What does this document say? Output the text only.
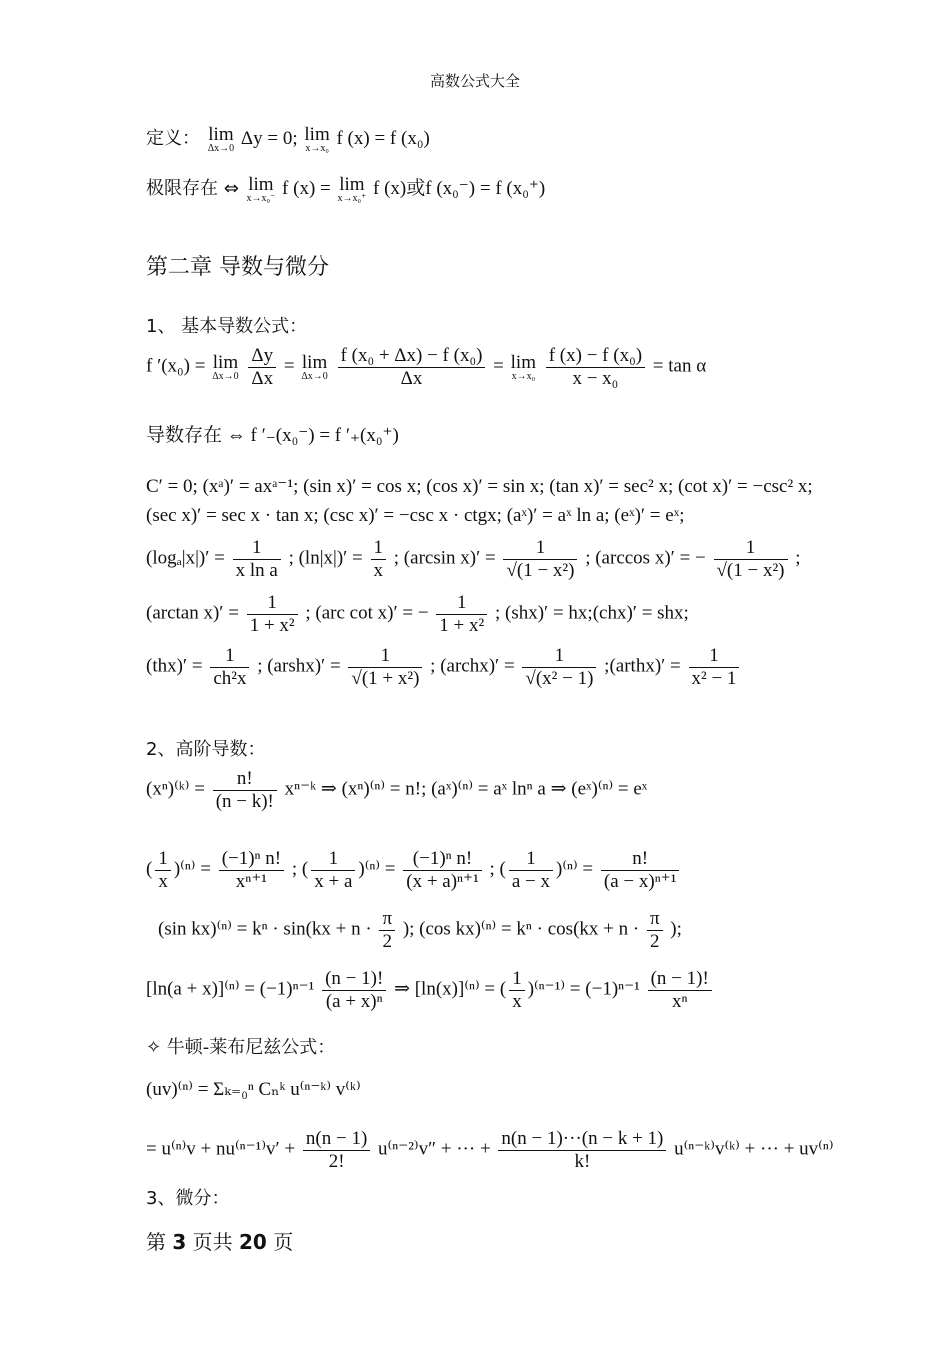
高数公式大全
定义： lim
Δx→0 Δy = 0; lim
x→x₀ f (x) = f (x₀)
极限存在 ⇔ lim
x→x₀⁻ f (x) = lim
x→x₀⁺ f (x)或f (x₀⁻) = f (x₀⁺)
第二章 导数与微分
1、 基本导数公式：
f ′(x₀) = lim
Δx→0
$\frac{\Delta y}{\Delta x} = \lim$
Δx→0
$\frac{\text{f (x₀ + Δx) − f (x₀)}}{\Delta x} = \lim$
x→x₀
$\frac{\text{f (x) − f (x₀)}}{\text{x − x₀}} = \tan \alpha$
导数存在 ⇔ f ′₋(x₀⁻) = f ′₊(x₀⁺)
C′ = 0; (xᵃ)′ = axᵃ⁻¹; (sin x)′ = cos x; (cos x)′ = sin x; (tan x)′ = sec² x; (cot x)′ = −csc² x;
(sec x)′ = sec x · tan x; (csc x)′ = −csc x · ctgx; (aˣ)′ = aˣ ln a; (eˣ)′ = eˣ;
$(\log_a|x|)' = \frac{1}{\text{x ln a}}$ ; $(\ln|x|)' = \frac{1}{x}$ ; (arcsin $x)' = \frac{1}{\text{√(1 − x²)}}$ ; (arccos x)′ = − $\frac{1}{\text{√(1 − x²)}}$ ;
(arctan $x)' = \frac{1}{\text{1 + x²}}$ ; (arc cot x)′ = − $\frac{1}{\text{1 + x²}}$ ; (shx)′ = hx;(chx)′ = shx;
$(thx)' = \frac{1}{\text{ch²x}}$ ; (arshx)′ = $\frac{1}{\text{√(1 + x²)}}$ ; (archx)′ = $\frac{1}{\text{√(x² − 1)}}$ ;(arthx)′ = $\frac{1}{\text{x² − 1}}$
2、高阶导数：
(xⁿ)⁽ᵏ⁾ = $\frac{n!}{(n - k)!}$ xⁿ⁻ᵏ ⇒ (xⁿ)⁽ⁿ⁾ = n!; (aˣ)⁽ⁿ⁾ = aˣ lnⁿ a ⇒ (eˣ)⁽ⁿ⁾ = eˣ
( $\frac{1}{x} )^{(n)} = \frac{\text{(−1)ⁿ n!}}{\text{xⁿ⁺¹}}$ ; ( $\frac{1}{x + a} )^{(n)} = \frac{\text{(−1)ⁿ n!}}{\text{(x + a)ⁿ⁺¹}}$ ; ( $\frac{1}{a - x} )^{(n)} = \frac{n!}{\text{(a − x)ⁿ⁺¹}}$
(sin $kx)^{(n)} = k^n \cdot \sin(kx + n \cdot \frac{\pi}{2}$ ); (cos $kx)^{(n)} = k^n \cdot \cos(kx + n \cdot \frac{\pi}{2}$ );
$[\ln(a + x)]^{(n)} = (-1)^{n-1} \frac{(n - 1)!}{\text{(a + x)ⁿ}}$ ⇒ [ln(x)]⁽ⁿ⁾ = ( $\frac{1}{x} )^{(n-1)} = (-1)^{n-1} \frac{(n - 1)!}{\text{xⁿ}}$
✧ 牛顿-莱布尼兹公式：
(uv)⁽ⁿ⁾ = Σₖ₌₀ⁿ Cₙᵏ u⁽ⁿ⁻ᵏ⁾ v⁽ᵏ⁾
= $u^{(n)}v + nu^{(n-1)}v' + \frac{n(n - 1)}{2!} u^{(n-2)}v''$ + ··· + $\frac{n(n - 1)\cdot\cdot\cdot(n - k + 1)}{k!}$ u⁽ⁿ⁻ᵏ⁾v⁽ᵏ⁾ + ··· + uv⁽ⁿ⁾
3、微分：
第 3 页共 20 页
